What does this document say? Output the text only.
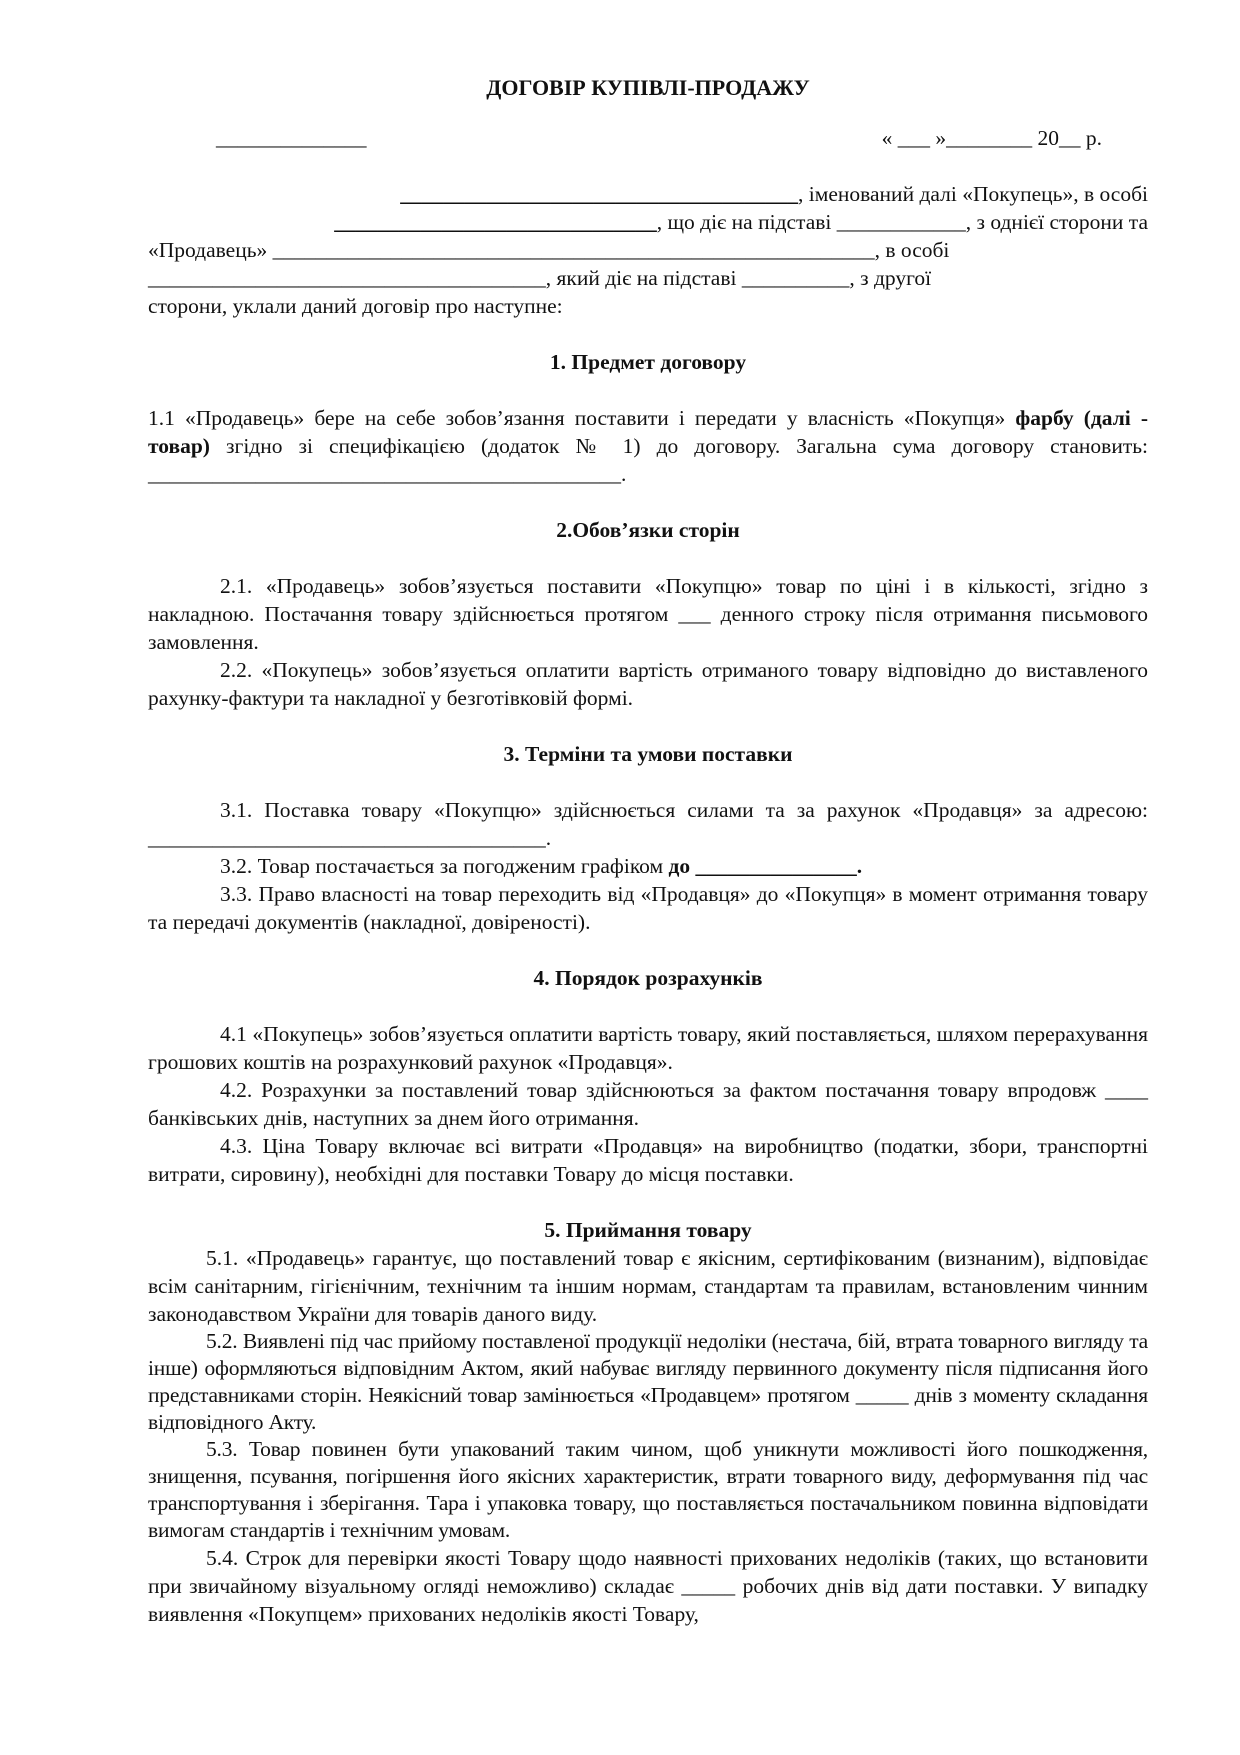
ДОГОВІР КУПІВЛІ-ПРОДАЖУ
______________	« ___ »________ 20__ р.

_____________________________________, іменований далі «Покупець», в особі

______________________________, що діє на підставі ____________, з однієї сторони та

«Продавець» ________________________________________________________, в особі

_____________________________________, який діє на підставі __________, з другої

сторони, уклали даний договір про наступне:

1. Предмет договору

1.1 «Продавець» бере на себе зобов’язання поставити і передати у власність «Покупця» фарбу (далі - товар) згідно зі специфікацією (додаток № 1) до договору. Загальна сума договору становить: ____________________________________________.

2.Обов’язки сторін

2.1. «Продавець» зобов’язується поставити «Покупцю» товар по ціні і в кількості, згідно з накладною. Постачання товару здійснюється протягом ___ денного строку після отримання письмового замовлення.

2.2. «Покупець» зобов’язується оплатити вартість отриманого товару відповідно до виставленого рахунку-фактури та накладної у безготівковій формі.

3. Терміни та умови поставки

3.1. Поставка товару «Покупцю» здійснюється силами та за рахунок «Продавця» за адресою: _____________________________________.

3.2. Товар постачається за погодженим графіком до _______________.

3.3. Право власності на товар переходить від «Продавця» до «Покупця» в момент отримання товару та передачі документів (накладної, довіреності).

4. Порядок розрахунків

4.1 «Покупець» зобов’язується оплатити вартість товару, який поставляється, шляхом перерахування грошових коштів на розрахунковий рахунок «Продавця».

4.2. Розрахунки за поставлений товар здійснюються за фактом постачання товару впродовж ____ банківських днів, наступних за днем його отримання.

4.3. Ціна Товару включає всі витрати «Продавця» на виробництво (податки, збори, транспортні витрати, сировину), необхідні для поставки Товару до місця поставки.

5. Приймання товару

5.1. «Продавець» гарантує, що поставлений товар є якісним, сертифікованим (визнаним), відповідає всім санітарним, гігієнічним, технічним та іншим нормам, стандартам та правилам, встановленим чинним законодавством України для товарів даного виду.

5.2. Виявлені під час прийому поставленої продукції недоліки (нестача, бій, втрата товарного вигляду та інше) оформляються відповідним Актом, який набуває вигляду первинного документу після підписання його представниками сторін. Неякісний товар замінюється «Продавцем» протягом _____ днів з моменту складання відповідного Акту.

5.3. Товар повинен бути упакований таким чином, щоб уникнути можливості його пошкодження, знищення, псування, погіршення його якісних характеристик, втрати товарного виду, деформування під час транспортування і зберігання. Тара і упаковка товару, що поставляється постачальником повинна відповідати вимогам стандартів і технічним умовам.

5.4. Строк для перевірки якості Товару щодо наявності прихованих недоліків (таких, що встановити при звичайному візуальному огляді неможливо) складає _____ робочих днів від дати поставки. У випадку виявлення «Покупцем» прихованих недоліків якості Товару,
